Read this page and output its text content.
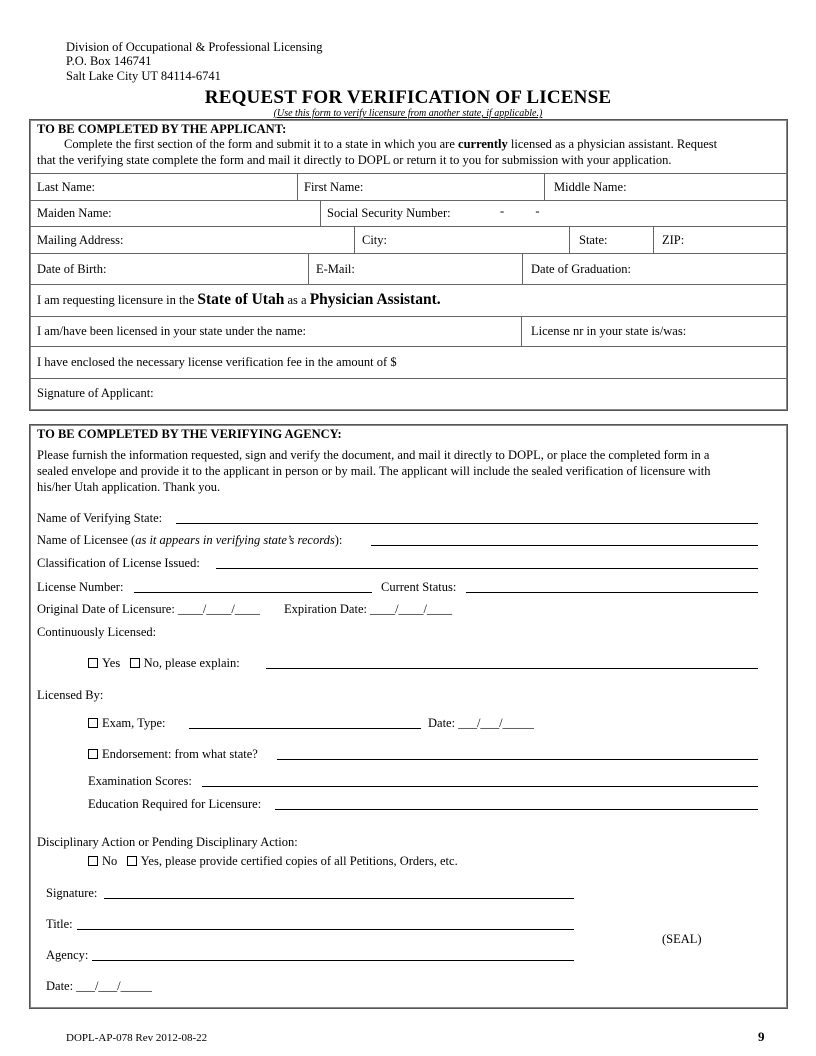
Division of Occupational & Professional Licensing
P.O. Box 146741
Salt Lake City UT 84114-6741
REQUEST FOR VERIFICATION OF LICENSE
(Use this form to verify licensure from another state, if applicable.)
TO BE COMPLETED BY THE APPLICANT:
Complete the first section of the form and submit it to a state in which you are currently licensed as a physician assistant. Request
that the verifying state complete the form and mail it directly to DOPL or return it to you for submission with your application.
Last Name:	First Name:	Middle Name:
Maiden Name:	Social Security Number:	-          -
Mailing Address:	City:	State:	ZIP:
Date of Birth:	E-Mail:	Date of Graduation:
I am requesting licensure in the State of Utah as a Physician Assistant.
I am/have been licensed in your state under the name:	License nr in your state is/was:
I have enclosed the necessary license verification fee in the amount of $
Signature of Applicant:
TO BE COMPLETED BY THE VERIFYING AGENCY:
Please furnish the information requested, sign and verify the document, and mail it directly to DOPL, or place the completed form in a
sealed envelope and provide it to the applicant in person or by mail. The applicant will include the sealed verification of licensure with
his/her Utah application. Thank you.
Name of Verifying State:
Name of Licensee (as it appears in verifying state’s records):
Classification of License Issued:
License Number:	Current Status:
Original Date of Licensure: ____/____/____ Expiration Date: ____/____/____
Continuously Licensed:
Yes No, please explain:
Licensed By:
Exam, Type:	Date: ___/___/_____
Endorsement: from what state?
Examination Scores:
Education Required for Licensure:
Disciplinary Action or Pending Disciplinary Action:
No Yes, please provide certified copies of all Petitions, Orders, etc.
Signature:
Title:
(SEAL)
Agency:
Date: ___/___/_____
DOPL-AP-078 Rev 2012-08-22	9
